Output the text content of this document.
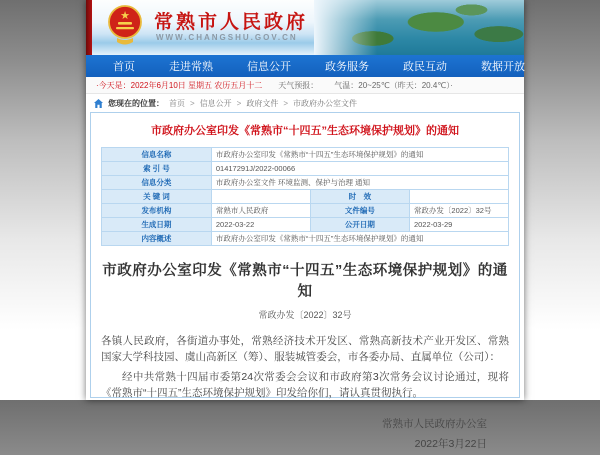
★ 常熟市人民政府
WWW.CHANGSHU.GOV.CN
首页	走进常熟	信息公开	政务服务	政民互动	数据开放
·今天是：2022年6月10日 星期五 农历五月十二 天气预报： 气温：20~25℃（昨天：20.4℃）·
您现在的位置： 首页 > 信息公开 > 政府文件 > 市政府办公室文件
市政府办公室印发《常熟市“十四五”生态环境保护规划》的通知
信息名称	市政府办公室印发《常熟市“十四五”生态环境保护规划》的通知		
索 引 号	01417291J/2022-00066		
信息分类	市政府办公室文件 环境监测、保护与治理 通知		
关 键 词		时　效	
发布机构	常熟市人民政府	文件编号	常政办发〔2022〕32号
生成日期	2022-03-22	公开日期	2022-03-29
内容概述	市政府办公室印发《常熟市“十四五”生态环境保护规划》的通知		
市政府办公室印发《常熟市“十四五”生态环境保护规划》的通知
常政办发〔2022〕32号
各镇人民政府，各街道办事处，常熟经济技术开发区、常熟高新技术产业开发区、常熟国家大学科技园、虞山高新区（筹）、服装城管委会，市各委办局、直属单位（公司）：
经中共常熟十四届市委第24次常委会会议和市政府第3次常务会议讨论通过，现将《常熟市“十四五”生态环境保护规划》印发给你们，请认真贯彻执行。
常熟市人民政府办公室
2022年3月22日
